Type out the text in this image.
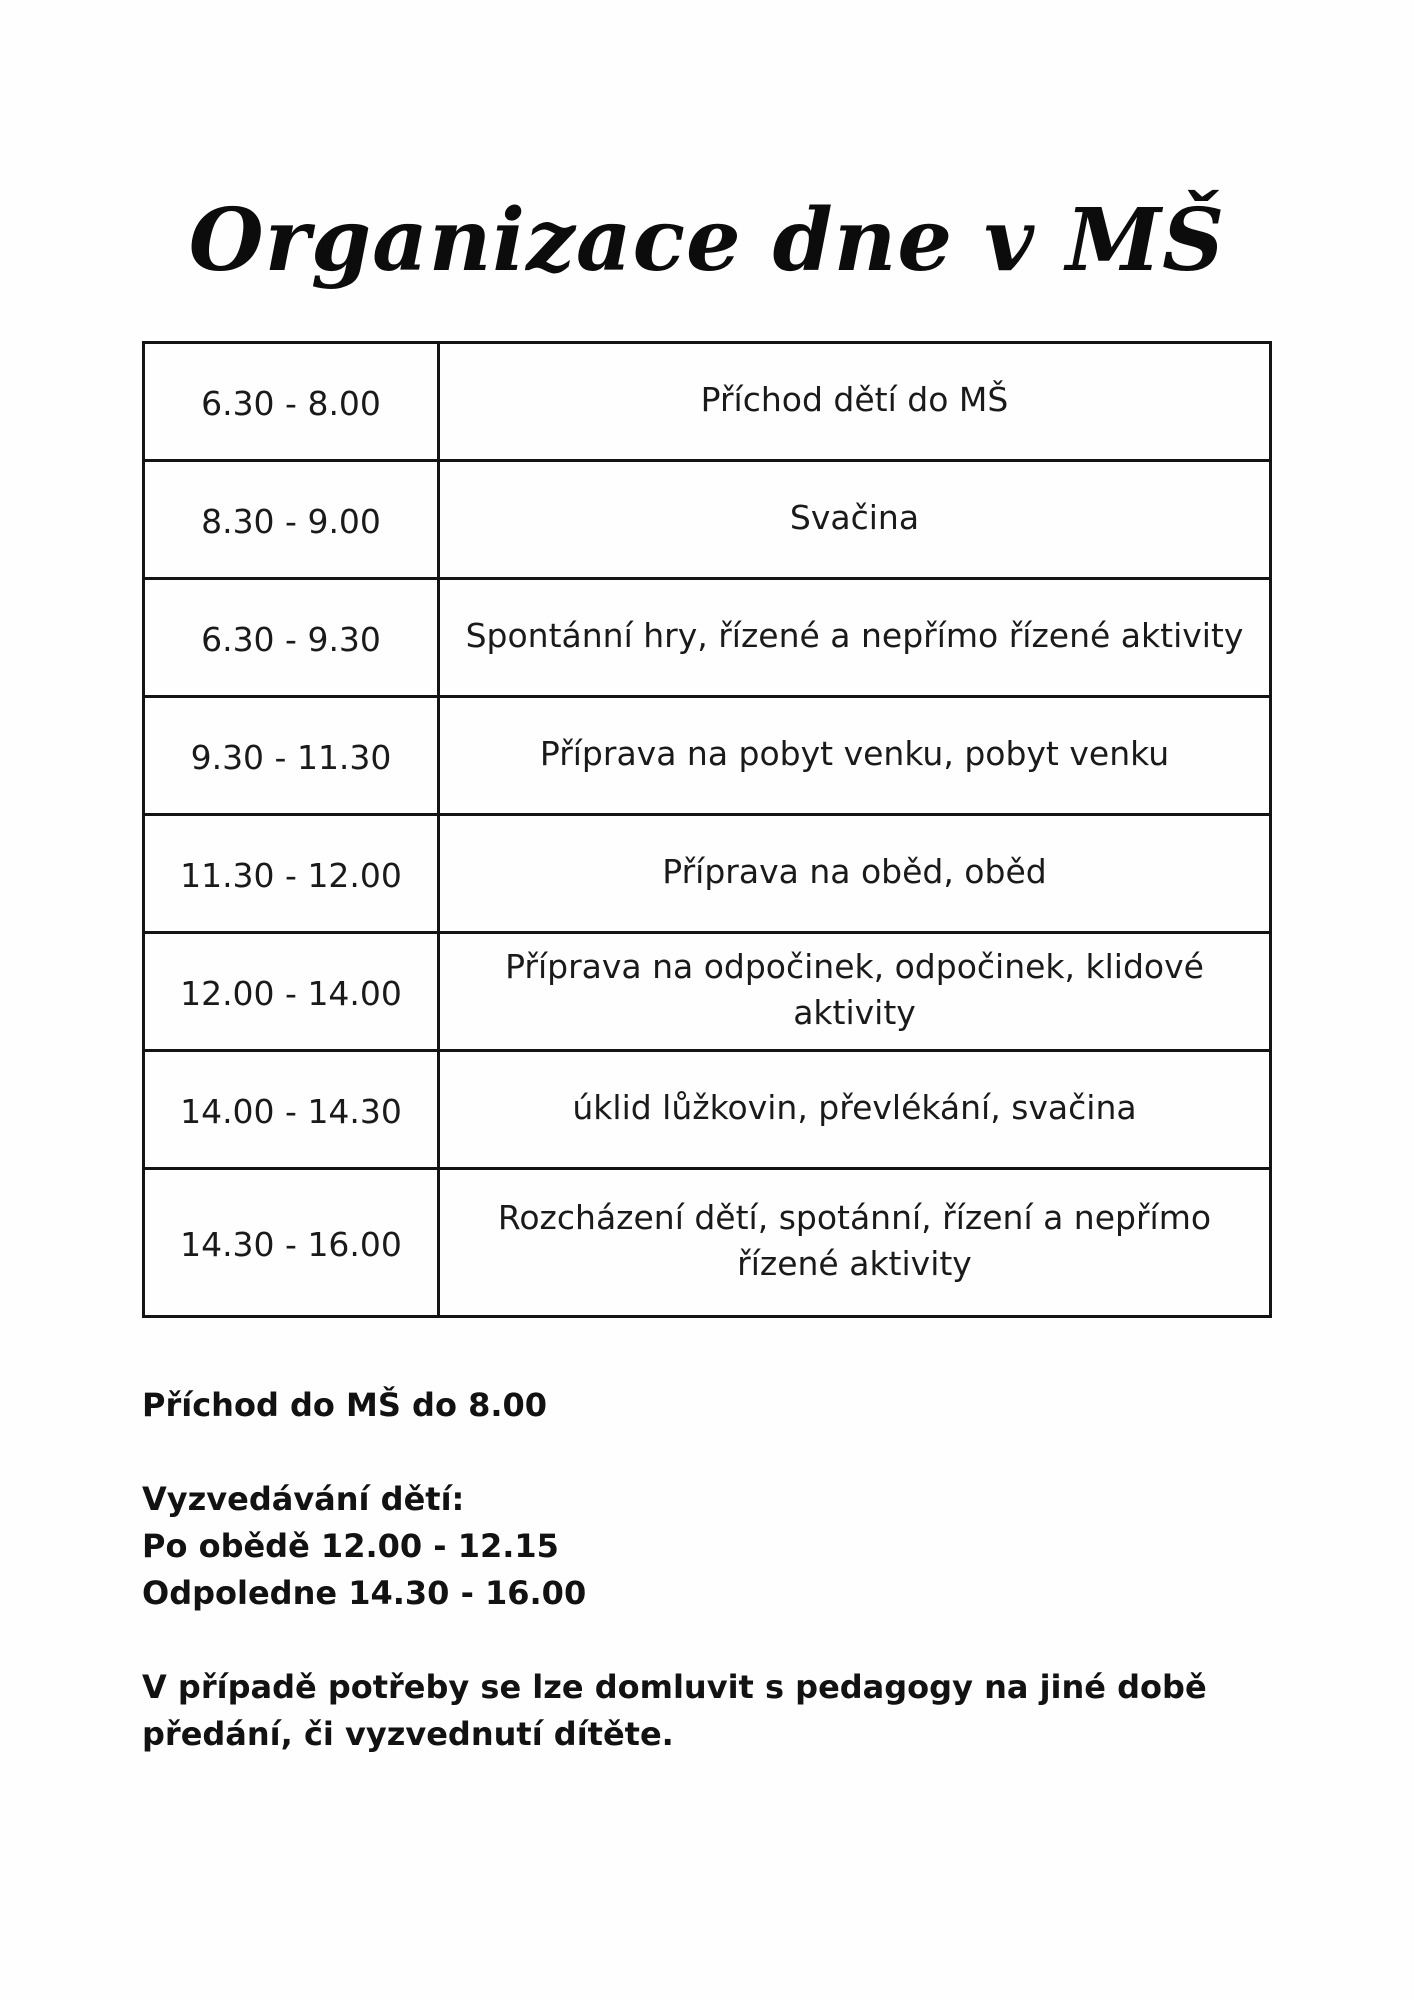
Organizace dne v MŠ
6.30 - 8.00	Příchod dětí do MŠ
8.30 - 9.00	Svačina
6.30 - 9.30	Spontánní hry, řízené a nepřímo řízené aktivity
9.30 - 11.30	Příprava na pobyt venku, pobyt venku
11.30 - 12.00	Příprava na oběd, oběd
12.00 - 14.00	Příprava na odpočinek, odpočinek, klidové aktivity
14.00 - 14.30	úklid lůžkovin, převlékání, svačina
14.30 - 16.00	Rozcházení dětí, spotánní, řízení a nepřímo řízené aktivity

Příchod do MŠ do 8.00

Vyzvedávání dětí:

Po obědě 12.00 - 12.15

Odpoledne 14.30 - 16.00

V případě potřeby se lze domluvit s pedagogy na jiné době předání, či vyzvednutí dítěte.
